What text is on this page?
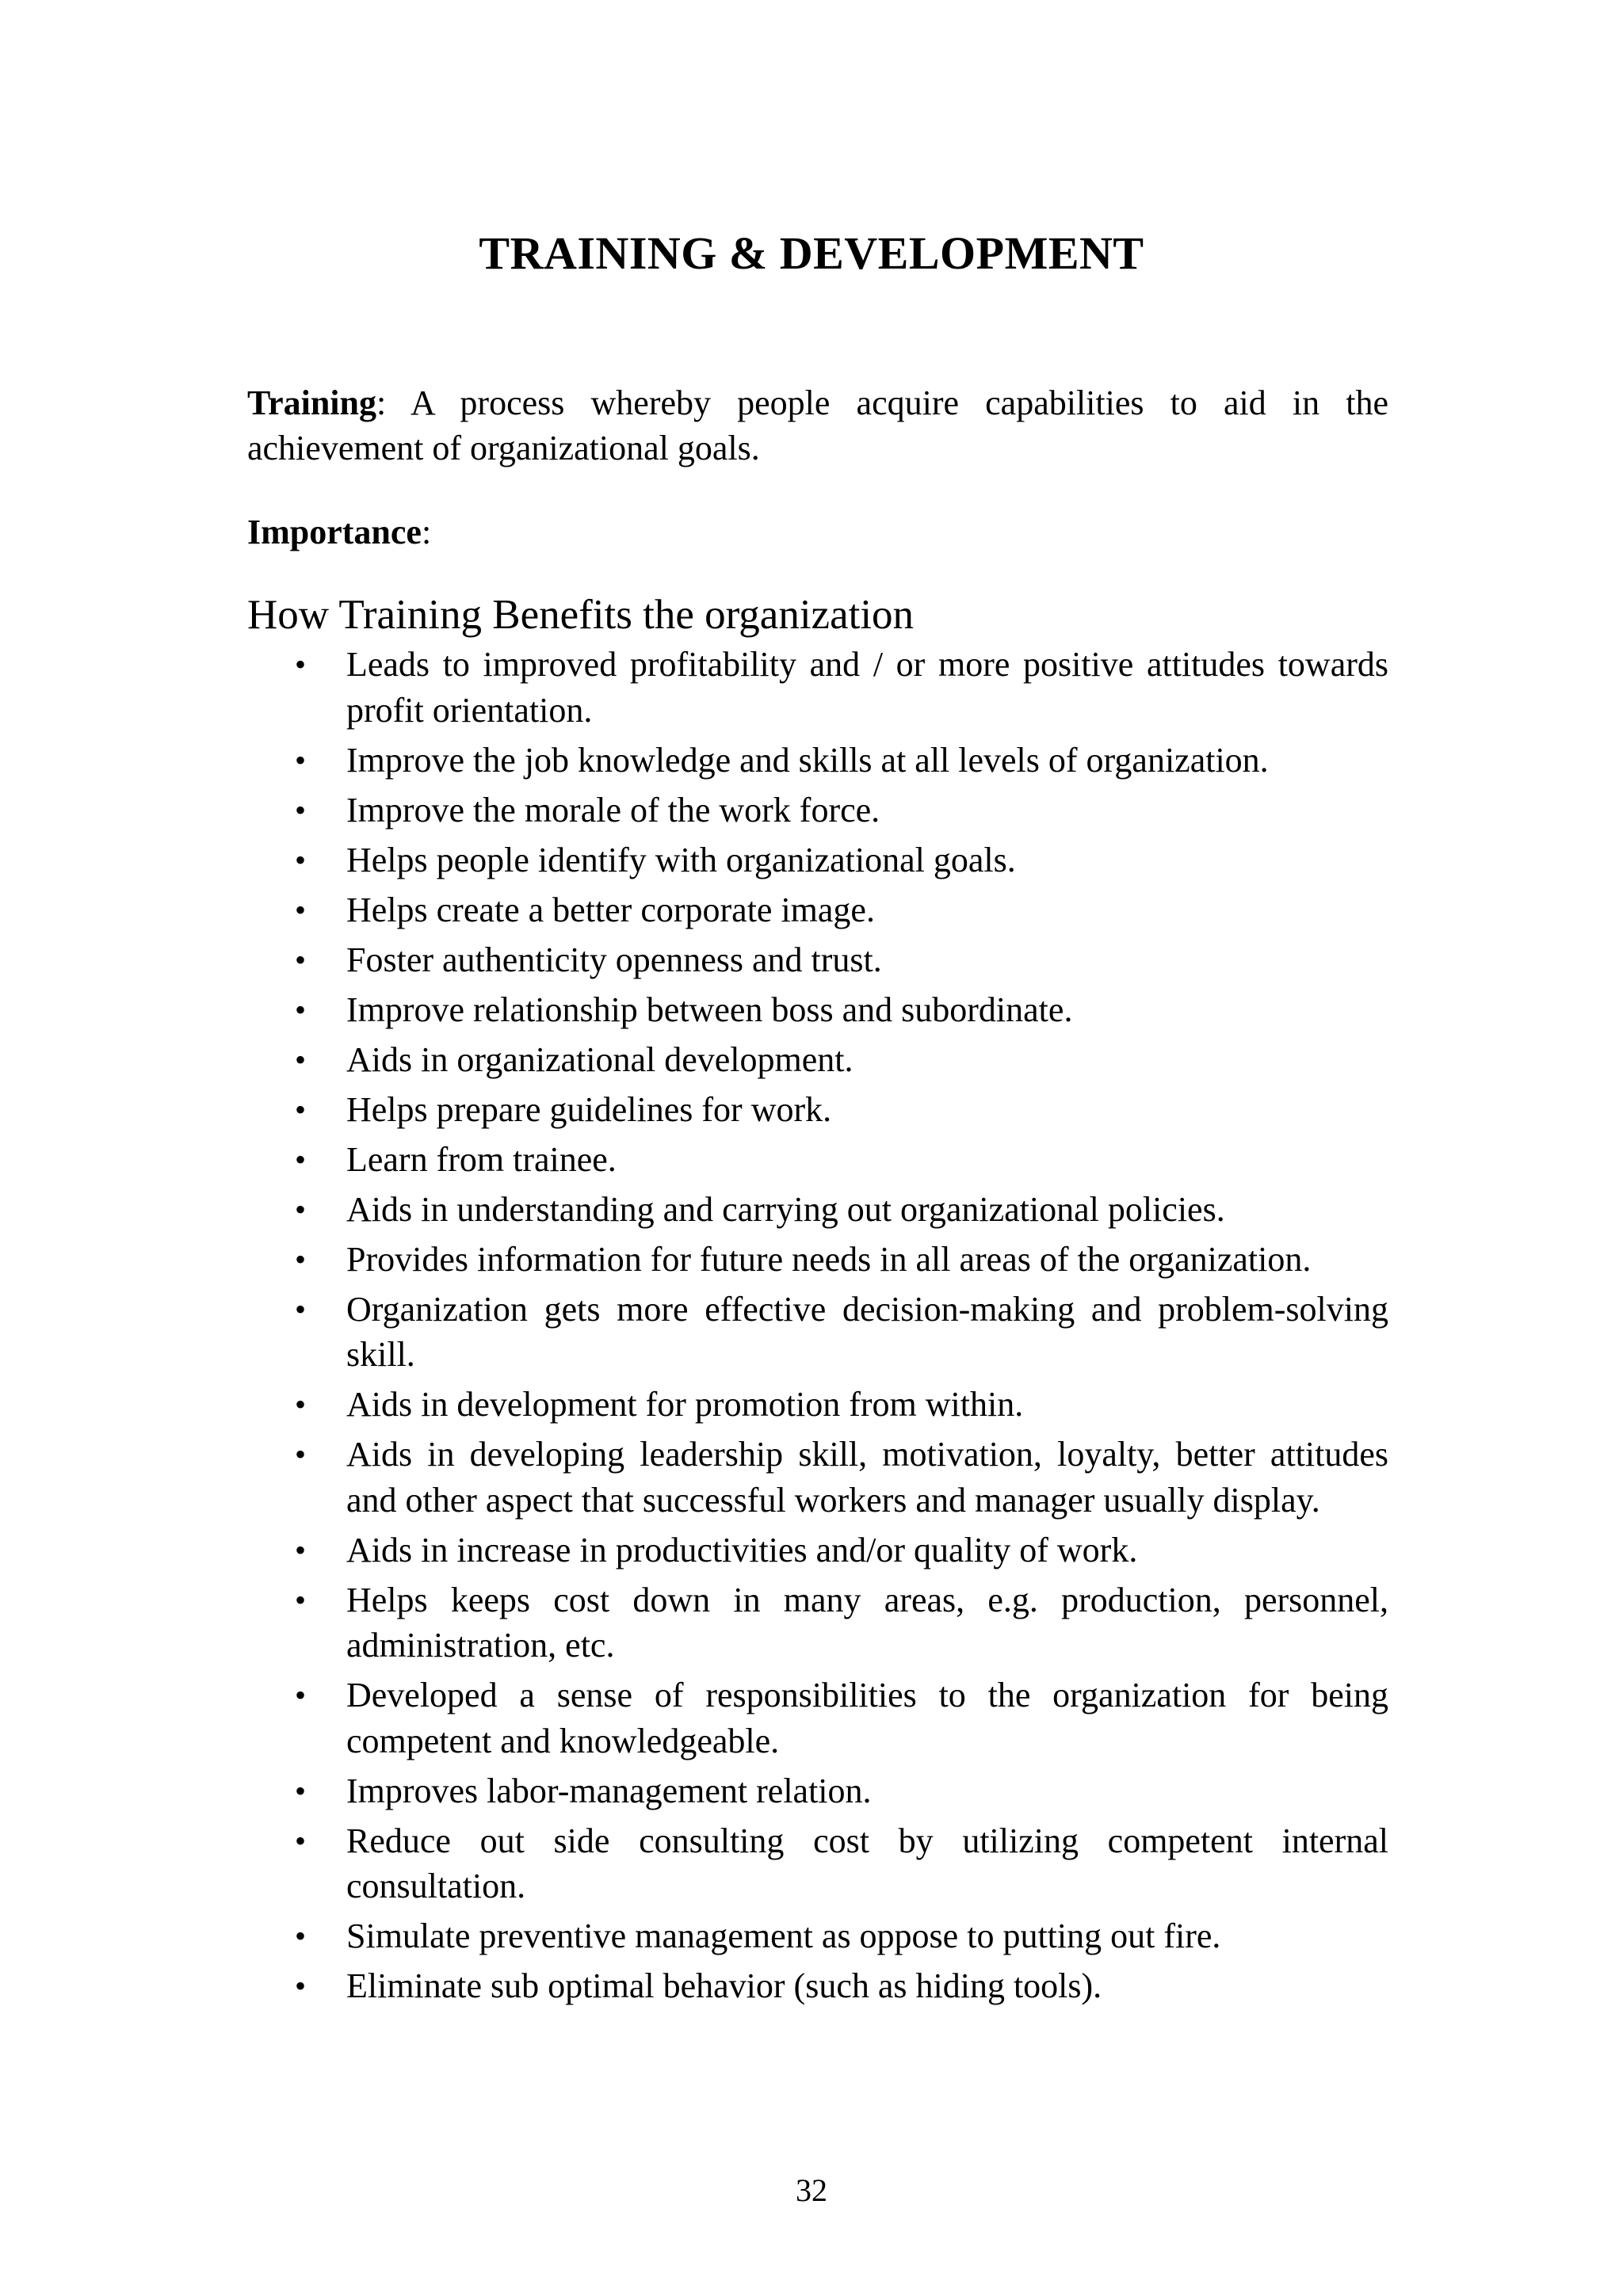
TRAINING & DEVELOPMENT

Training: A process whereby people acquire capabilities to aid in the achievement of organizational goals.

Importance:

How Training Benefits the organization
• Leads to improved profitability and / or more positive attitudes towards profit orientation.
• Improve the job knowledge and skills at all levels of organization.
• Improve the morale of the work force.
• Helps people identify with organizational goals.
• Helps create a better corporate image.
• Foster authenticity openness and trust.
• Improve relationship between boss and subordinate.
• Aids in organizational development.
• Helps prepare guidelines for work.
• Learn from trainee.
• Aids in understanding and carrying out organizational policies.
• Provides information for future needs in all areas of the organization.
• Organization gets more effective decision-making and problem-solving skill.
• Aids in development for promotion from within.
• Aids in developing leadership skill, motivation, loyalty, better attitudes and other aspect that successful workers and manager usually display.
• Aids in increase in productivities and/or quality of work.
• Helps keeps cost down in many areas, e.g. production, personnel, administration, etc.
• Developed a sense of responsibilities to the organization for being competent and knowledgeable.
• Improves labor-management relation.
• Reduce out side consulting cost by utilizing competent internal consultation.
• Simulate preventive management as oppose to putting out fire.
• Eliminate sub optimal behavior (such as hiding tools).
32
